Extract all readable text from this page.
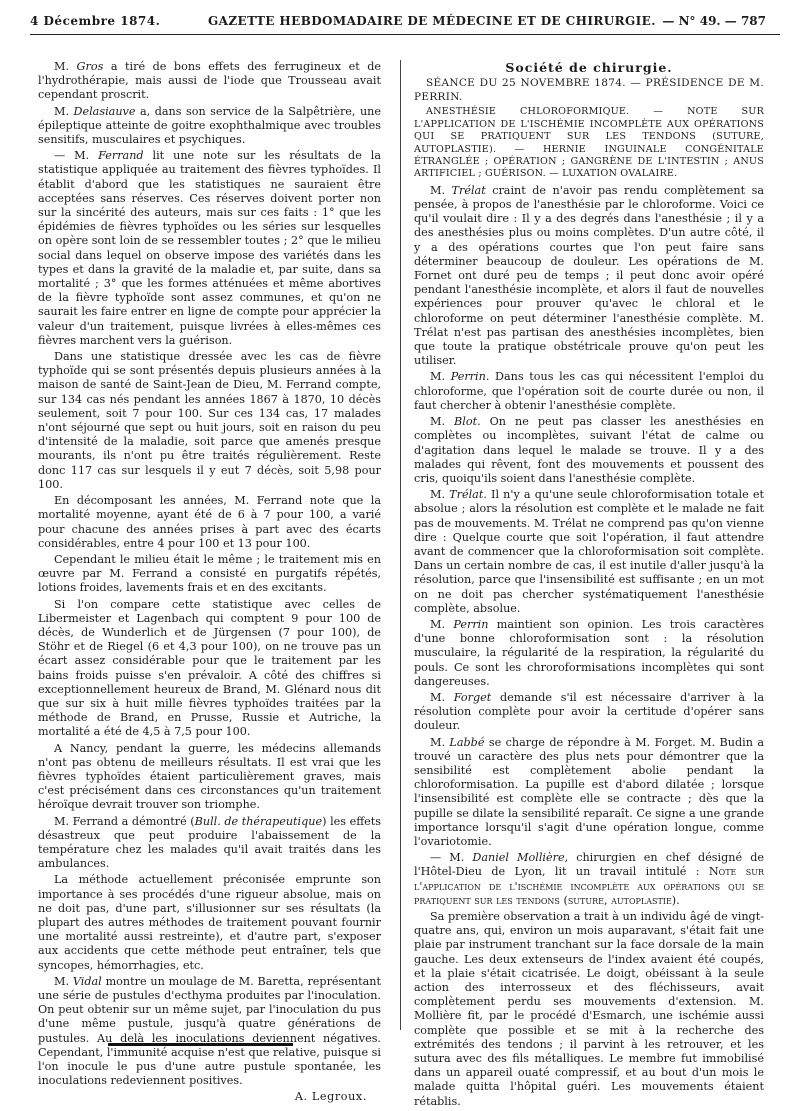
4 Décembre 1874.	GAZETTE HEBDOMADAIRE DE MÉDECINE ET DE CHIRURGIE. — N° 49. — 787

M. Gros a tiré de bons effets des ferrugineux et de l'hydrothérapie, mais aussi de l'iode que Trousseau avait cependant proscrit.

M. Delasiauve a, dans son service de la Salpêtrière, une épileptique atteinte de goitre exophthalmique avec troubles sensitifs, musculaires et psychiques.

— M. Ferrand lit une note sur les résultats de la statistique appliquée au traitement des fièvres typhoïdes. Il établit d'abord que les statistiques ne sauraient être acceptées sans réserves. Ces réserves doivent porter non sur la sincérité des auteurs, mais sur ces faits : 1° que les épidémies de fièvres typhoïdes ou les séries sur lesquelles on opère sont loin de se ressembler toutes ; 2° que le milieu social dans lequel on observe impose des variétés dans les types et dans la gravité de la maladie et, par suite, dans sa mortalité ; 3° que les formes atténuées et même abortives de la fièvre typhoïde sont assez communes, et qu'on ne saurait les faire entrer en ligne de compte pour apprécier la valeur d'un traitement, puisque livrées à elles-mêmes ces fièvres marchent vers la guérison.

Dans une statistique dressée avec les cas de fièvre typhoïde qui se sont présentés depuis plusieurs années à la maison de santé de Saint-Jean de Dieu, M. Ferrand compte, sur 134 cas nés pendant les années 1867 à 1870, 10 décès seulement, soit 7 pour 100. Sur ces 134 cas, 17 malades n'ont séjourné que sept ou huit jours, soit en raison du peu d'intensité de la maladie, soit parce que amenés presque mourants, ils n'ont pu être traités régulièrement. Reste donc 117 cas sur lesquels il y eut 7 décès, soit 5,98 pour 100.

En décomposant les années, M. Ferrand note que la mortalité moyenne, ayant été de 6 à 7 pour 100, a varié pour chacune des années prises à part avec des écarts considérables, entre 4 pour 100 et 13 pour 100.

Cependant le milieu était le même ; le traitement mis en œuvre par M. Ferrand a consisté en purgatifs répétés, lotions froides, lavements frais et en des excitants.

Si l'on compare cette statistique avec celles de Libermeister et Lagenbach qui comptent 9 pour 100 de décès, de Wunderlich et de Jürgensen (7 pour 100), de Stöhr et de Riegel (6 et 4,3 pour 100), on ne trouve pas un écart assez considérable pour que le traitement par les bains froids puisse s'en prévaloir. A côté des chiffres si exceptionnellement heureux de Brand, M. Glénard nous dit que sur six à huit mille fièvres typhoïdes traitées par la méthode de Brand, en Prusse, Russie et Autriche, la mortalité a été de 4,5 à 7,5 pour 100.

A Nancy, pendant la guerre, les médecins allemands n'ont pas obtenu de meilleurs résultats. Il est vrai que les fièvres typhoïdes étaient particulièrement graves, mais c'est précisément dans ces circonstances qu'un traitement héroïque devrait trouver son triomphe.

M. Ferrand a démontré (Bull. de thérapeutique) les effets désastreux que peut produire l'abaissement de la température chez les malades qu'il avait traités dans les ambulances.

La méthode actuellement préconisée emprunte son importance à ses procédés d'une rigueur absolue, mais on ne doit pas, d'une part, s'illusionner sur ses résultats (la plupart des autres méthodes de traitement pouvant fournir une mortalité aussi restreinte), et d'autre part, s'exposer aux accidents que cette méthode peut entraîner, tels que syncopes, hémorrhagies, etc.

M. Vidal montre un moulage de M. Baretta, représentant une série de pustules d'ecthyma produites par l'inoculation. On peut obtenir sur un même sujet, par l'inoculation du pus d'une même pustule, jusqu'à quatre générations de pustules. Au delà les inoculations deviennent négatives. Cependant, l'immunité acquise n'est que relative, puisque si l'on inocule le pus d'une autre pustule spontanée, les inoculations redeviennent positives.

A. Legroux.
Société de chirurgie.

SÉANCE DU 25 NOVEMBRE 1874. — PRÉSIDENCE DE M. PERRIN.

ANESTHÉSIE CHLOROFORMIQUE. — NOTE SUR L'APPLICATION DE L'ISCHÉMIE INCOMPLÈTE AUX OPÉRATIONS QUI SE PRATIQUENT SUR LES TENDONS (SUTURE, AUTOPLASTIE). — HERNIE INGUINALE CONGÉNITALE ÉTRANGLÉE ; OPÉRATION ; GANGRÈNE DE L'INTESTIN ; ANUS ARTIFICIEL ; GUÉRISON. — LUXATION OVALAIRE.

M. Trélat craint de n'avoir pas rendu complètement sa pensée, à propos de l'anesthésie par le chloroforme. Voici ce qu'il voulait dire : Il y a des degrés dans l'anesthésie ; il y a des anesthésies plus ou moins complètes. D'un autre côté, il y a des opérations courtes que l'on peut faire sans déterminer beaucoup de douleur. Les opérations de M. Fornet ont duré peu de temps ; il peut donc avoir opéré pendant l'anesthésie incomplète, et alors il faut de nouvelles expériences pour prouver qu'avec le chloral et le chloroforme on peut déterminer l'anesthésie complète. M. Trélat n'est pas partisan des anesthésies incomplètes, bien que toute la pratique obstétricale prouve qu'on peut les utiliser.

M. Perrin. Dans tous les cas qui nécessitent l'emploi du chloroforme, que l'opération soit de courte durée ou non, il faut chercher à obtenir l'anesthésie complète.

M. Blot. On ne peut pas classer les anesthésies en complètes ou incomplètes, suivant l'état de calme ou d'agitation dans lequel le malade se trouve. Il y a des malades qui rêvent, font des mouvements et poussent des cris, quoiqu'ils soient dans l'anesthésie complète.

M. Trélat. Il n'y a qu'une seule chloroformisation totale et absolue ; alors la résolution est complète et le malade ne fait pas de mouvements. M. Trélat ne comprend pas qu'on vienne dire : Quelque courte que soit l'opération, il faut attendre avant de commencer que la chloroformisation soit complète. Dans un certain nombre de cas, il est inutile d'aller jusqu'à la résolution, parce que l'insensibilité est suffisante ; en un mot on ne doit pas chercher systématiquement l'anesthésie complète, absolue.

M. Perrin maintient son opinion. Les trois caractères d'une bonne chloroformisation sont : la résolution musculaire, la régularité de la respiration, la régularité du pouls. Ce sont les chroroformisations incomplètes qui sont dangereuses.

M. Forget demande s'il est nécessaire d'arriver à la résolution complète pour avoir la certitude d'opérer sans douleur.

M. Labbé se charge de répondre à M. Forget. M. Budin a trouvé un caractère des plus nets pour démontrer que la sensibilité est complètement abolie pendant la chloroformisation. La pupille est d'abord dilatée ; lorsque l'insensibilité est complète elle se contracte ; dès que la pupille se dilate la sensibilité reparaît. Ce signe a une grande importance lorsqu'il s'agit d'une opération longue, comme l'ovariotomie.

— M. Daniel Mollière, chirurgien en chef désigné de l'Hôtel-Dieu de Lyon, lit un travail intitulé : Note sur l'application de l'ischémie incomplète aux opérations qui se pratiquent sur les tendons (suture, autoplastie).

Sa première observation a trait à un individu âgé de vingt-quatre ans, qui, environ un mois auparavant, s'était fait une plaie par instrument tranchant sur la face dorsale de la main gauche. Les deux extenseurs de l'index avaient été coupés, et la plaie s'était cicatrisée. Le doigt, obéissant à la seule action des interrosseux et des fléchisseurs, avait complètement perdu ses mouvements d'extension. M. Mollière fit, par le procédé d'Esmarch, une ischémie aussi complète que possible et se mit à la recherche des extrémités des tendons ; il parvint à les retrouver, et les sutura avec des fils métalliques. Le membre fut immobilisé dans un appareil ouaté compressif, et au bout d'un mois le malade quitta l'hôpital guéri. Les mouvements étaient rétablis.
